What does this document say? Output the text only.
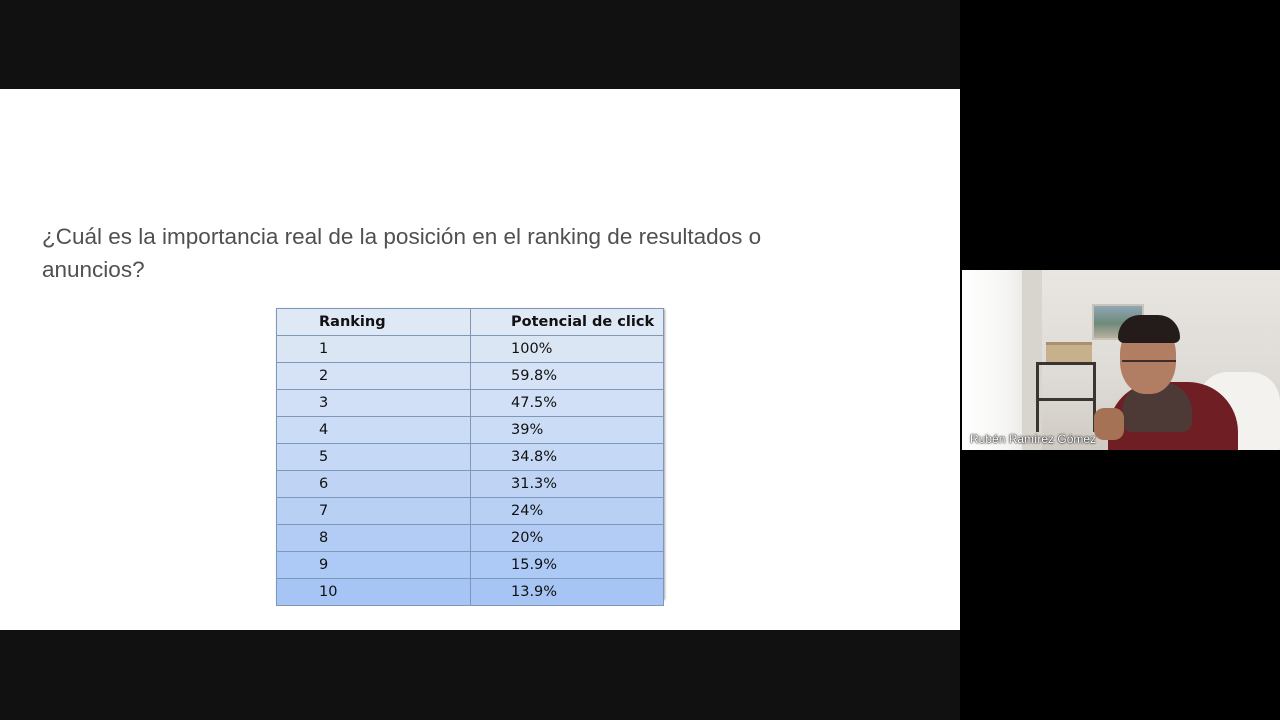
¿Cuál es la importancia real de la posición en el ranking de resultados o anuncios?

Ranking	Potencial de click
1	100%
2	59.8%
3	47.5%
4	39%
5	34.8%
6	31.3%
7	24%
8	20%
9	15.9%
10	13.9%

Rubén Ramírez Gómez
